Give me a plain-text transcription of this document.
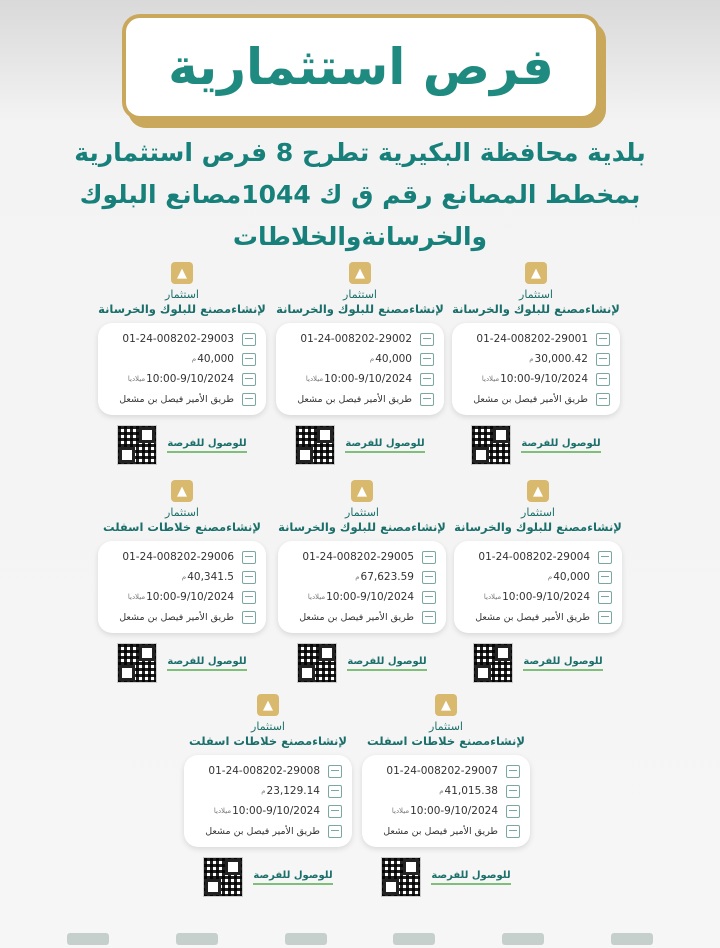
فرص استثمارية
بلدية محافظة البكيرية تطرح 8 فرص استثمارية
بمخطط المصانع رقم ق ك 1044مصانع البلوك
والخرسانةوالخلاطات
▲
استثمار
لإنشاءمصنع للبلوك والخرسانة
01-24-008202-29001
30,000.42
م
10:00-9/10/2024
ميلاديا
طريق الأمير فيصل بن مشعل
للوصول للفرصة
▲
استثمار
لإنشاءمصنع للبلوك والخرسانة
01-24-008202-29002
40,000
م
10:00-9/10/2024
ميلاديا
طريق الأمير فيصل بن مشعل
للوصول للفرصة
▲
استثمار
لإنشاءمصنع للبلوك والخرسانة
01-24-008202-29003
40,000
م
10:00-9/10/2024
ميلاديا
طريق الأمير فيصل بن مشعل
للوصول للفرصة
▲
استثمار
لإنشاءمصنع للبلوك والخرسانة
01-24-008202-29004
40,000
م
10:00-9/10/2024
ميلاديا
طريق الأمير فيصل بن مشعل
للوصول للفرصة
▲
استثمار
لإنشاءمصنع للبلوك والخرسانة
01-24-008202-29005
67,623.59
م
10:00-9/10/2024
ميلاديا
طريق الأمير فيصل بن مشعل
للوصول للفرصة
▲
استثمار
لإنشاءمصنع خلاطات اسفلت
01-24-008202-29006
40,341.5
م
10:00-9/10/2024
ميلاديا
طريق الأمير فيصل بن مشعل
للوصول للفرصة
▲
استثمار
لإنشاءمصنع خلاطات اسفلت
01-24-008202-29007
41,015.38
م
10:00-9/10/2024
ميلاديا
طريق الأمير فيصل بن مشعل
للوصول للفرصة
▲
استثمار
لإنشاءمصنع خلاطات اسفلت
01-24-008202-29008
23,129.14
م
10:00-9/10/2024
ميلاديا
طريق الأمير فيصل بن مشعل
للوصول للفرصة
